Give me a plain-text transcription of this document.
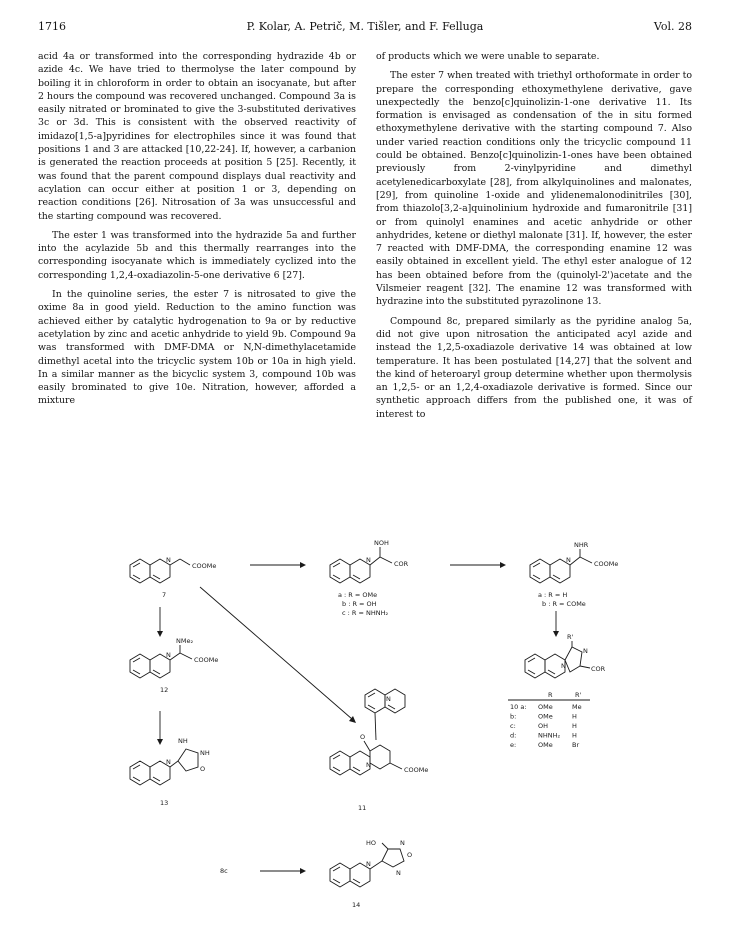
1716	P. Kolar, A. Petrič, M. Tišler, and F. Felluga	Vol. 28

acid 4a or transformed into the corresponding hydrazide 4b or azide 4c. We have tried to thermolyse the later compound by boiling it in chloroform in order to obtain an isocyanate, but after 2 hours the compound was recovered unchanged. Compound 3a is easily nitrated or brominated to give the 3-substituted derivatives 3c or 3d. This is consistent with the observed reactivity of imidazo[1,5-a]pyridines for electrophiles since it was found that positions 1 and 3 are attacked [10,22-24]. If, however, a carbanion is generated the reaction proceeds at position 5 [25]. Recently, it was found that the parent compound displays dual reactivity and acylation can occur either at position 1 or 3, depending on reaction conditions [26]. Nitrosation of 3a was unsuccessful and the starting compound was recovered.

The ester 1 was transformed into the hydrazide 5a and further into the acylazide 5b and this thermally rearranges into the corresponding isocyanate which is immediately cyclized into the corresponding 1,2,4-oxadiazolin-5-one derivative 6 [27].

In the quinoline series, the ester 7 is nitrosated to give the oxime 8a in good yield. Reduction to the amino function was achieved either by catalytic hydrogenation to 9a or by reductive acetylation by zinc and acetic anhydride to yield 9b. Compound 9a was transformed with DMF-DMA or N,N-dimethylacetamide dimethyl acetal into the tricyclic system 10b or 10a in high yield. In a similar manner as the bicyclic system 3, compound 10b was easily brominated to give 10e. Nitration, however, afforded a mixture

of products which we were unable to separate.

The ester 7 when treated with triethyl orthoformate in order to prepare the corresponding ethoxymethylene derivative, gave unexpectedly the benzo[c]quinolizin-1-one derivative 11. Its formation is envisaged as condensation of the in situ formed ethoxymethylene derivative with the starting compound 7. Also under varied reaction conditions only the tricyclic compound 11 could be obtained. Benzo[c]quinolizin-1-ones have been obtained previously from 2-vinylpyridine and dimethyl acetylenedicarboxylate [28], from alkylquinolines and malonates, [29], from quinoline 1-oxide and ylidenemalonodinitriles [30], from thiazolo[3,2-a]quinolinium hydroxide and fumaronitrile [31] or from quinolyl enamines and acetic anhydride or other anhydrides, ketene or diethyl malonate [31]. If, however, the ester 7 reacted with DMF-DMA, the corresponding enamine 12 was easily obtained in excellent yield. The ethyl ester analogue of 12 has been obtained before from the (quinolyl-2')acetate and the Vilsmeier reagent [32]. The enamine 12 was transformed with hydrazine into the substituted pyrazolinone 13.

Compound 8c, prepared similarly as the pyridine analog 5a, did not give upon nitrosation the anticipated acyl azide and instead the 1,2,5-oxadiazole derivative 14 was obtained at low temperature. It has been postulated [14,27] that the solvent and the kind of heteroaryl group determine whether upon thermolysis an 1,2,5- or an 1,2,4-oxadiazole derivative is formed. Since our synthetic approach differs from the published one, it was of interest to

N
COOMe
7
N
NOH
COR
a : R = OMe
b : R = OH
c : R = NHNH₂
N
NHR
COOMe
a : R = H
b : R = COMe
R'
N
N	COR
R	R'
10 a: OMe	Me
b:	OMe	H
c:	OH	H
d:	NHNH₂ H
e:	OMe	Br
N
NMe₂
COOMe
12
N
NH
NH
O
13
N
O
N
COOMe
11
8c
N
HO	N
O
N
14
